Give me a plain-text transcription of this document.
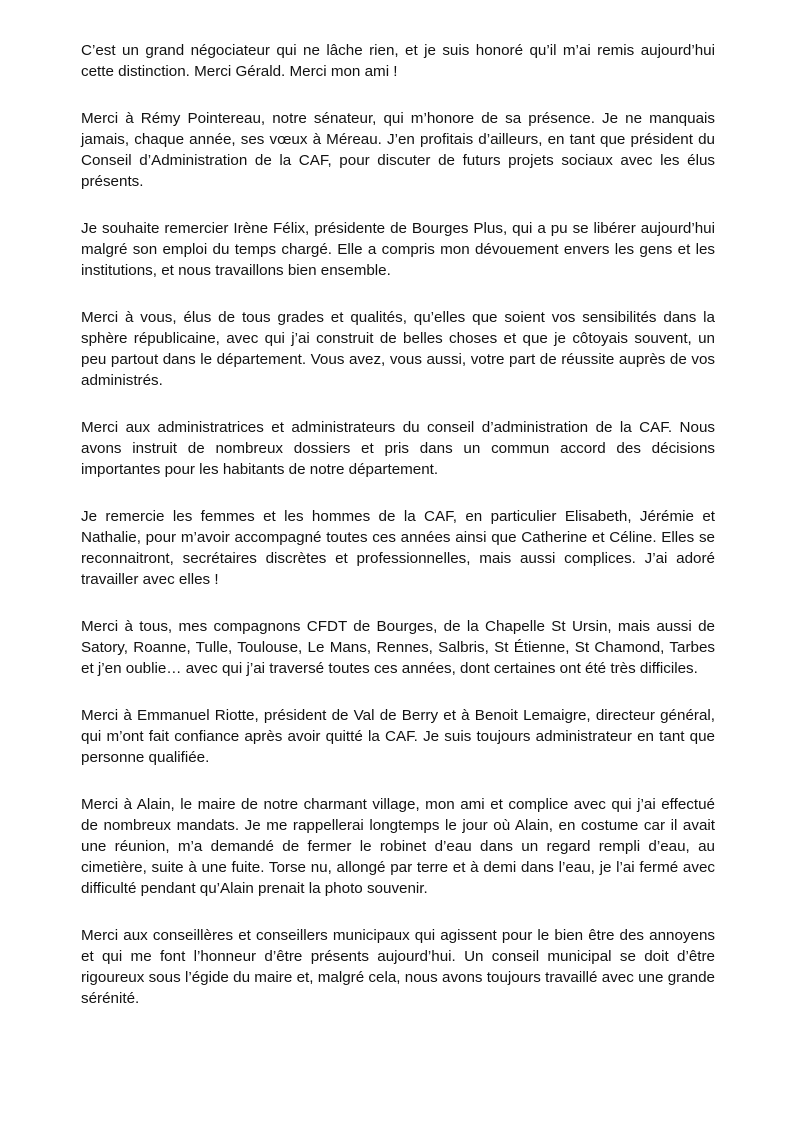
C’est un grand négociateur qui ne lâche rien, et je suis honoré qu’il m’ai remis aujourd’hui cette distinction. Merci Gérald. Merci mon ami !

Merci à Rémy Pointereau, notre sénateur, qui m’honore de sa présence. Je ne manquais jamais, chaque année, ses vœux à Méreau. J’en profitais d’ailleurs, en tant que président du Conseil d’Administration de la CAF, pour discuter de futurs projets sociaux avec les élus présents.

Je souhaite remercier Irène Félix, présidente de Bourges Plus, qui a pu se libérer aujourd’hui malgré son emploi du temps chargé. Elle a compris mon dévouement envers les gens et les institutions, et nous travaillons bien ensemble.

Merci à vous, élus de tous grades et qualités, qu’elles que soient vos sensibilités dans la sphère républicaine, avec qui j’ai construit de belles choses et que je côtoyais souvent, un peu partout dans le département. Vous avez, vous aussi, votre part de réussite auprès de vos administrés.

Merci aux administratrices et administrateurs du conseil d’administration de la CAF. Nous avons instruit de nombreux dossiers et pris dans un commun accord des décisions importantes pour les habitants de notre département.

Je remercie les femmes et les hommes de la CAF, en particulier Elisabeth, Jérémie et Nathalie, pour m’avoir accompagné toutes ces années ainsi que Catherine et Céline. Elles se reconnaitront, secrétaires discrètes et professionnelles, mais aussi complices. J’ai adoré travailler avec elles !

Merci à tous, mes compagnons CFDT de Bourges, de la Chapelle St Ursin, mais aussi de Satory, Roanne, Tulle, Toulouse, Le Mans, Rennes, Salbris, St Étienne, St Chamond, Tarbes et j’en oublie… avec qui j’ai traversé toutes ces années, dont certaines ont été très difficiles.

Merci à Emmanuel Riotte, président de Val de Berry et à Benoit Lemaigre, directeur général, qui m’ont fait confiance après avoir quitté la CAF. Je suis toujours administrateur en tant que personne qualifiée.

Merci à Alain, le maire de notre charmant village, mon ami et complice avec qui j’ai effectué de nombreux mandats. Je me rappellerai longtemps le jour où Alain, en costume car il avait une réunion, m’a demandé de fermer le robinet d’eau dans un regard rempli d’eau, au cimetière, suite à une fuite. Torse nu, allongé par terre et à demi dans l’eau, je l’ai fermé avec difficulté pendant qu’Alain prenait la photo souvenir.

Merci aux conseillères et conseillers municipaux qui agissent pour le bien être des annoyens et qui me font l’honneur d’être présents aujourd’hui. Un conseil municipal se doit d’être rigoureux sous l’égide du maire et, malgré cela, nous avons toujours travaillé avec une grande sérénité.
